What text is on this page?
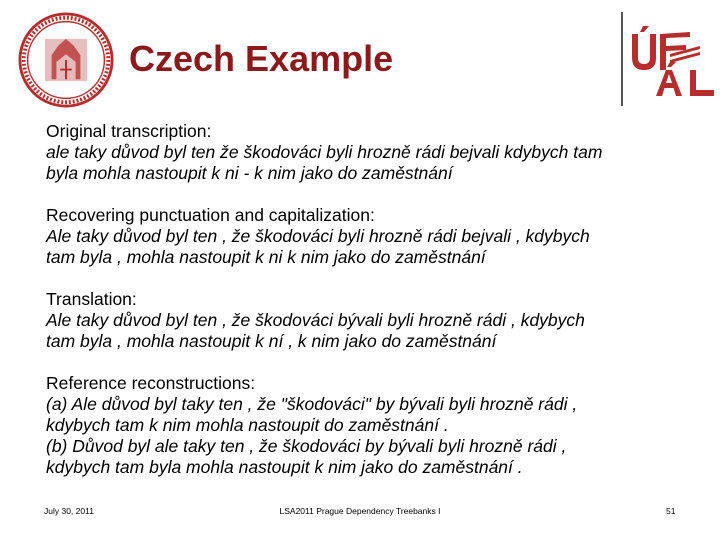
Czech Example
Original transcription:
ale taky důvod byl ten že škodováci byli hrozně rádi bejvali kdybych tam
byla mohla nastoupit k ni - k nim jako do zaměstnání
Recovering punctuation and capitalization:
Ale taky důvod byl ten , že škodováci byli hrozně rádi bejvali , kdybych
tam byla , mohla nastoupit k ni k nim jako do zaměstnání
Translation:
Ale taky důvod byl ten , že škodováci bývali byli hrozně rádi , kdybych
tam byla , mohla nastoupit k ní , k nim jako do zaměstnání
Reference reconstructions:
(a) Ale důvod byl taky ten , že "škodováci" by bývali byli hrozně rádi ,
kdybych tam k nim mohla nastoupit do zaměstnání .
(b) Důvod byl ale taky ten , že škodováci by bývali byli hrozně rádi ,
kdybych tam byla mohla nastoupit k nim jako do zaměstnání .
July 30, 2011	LSA2011 Prague Dependency Treebanks I	51
